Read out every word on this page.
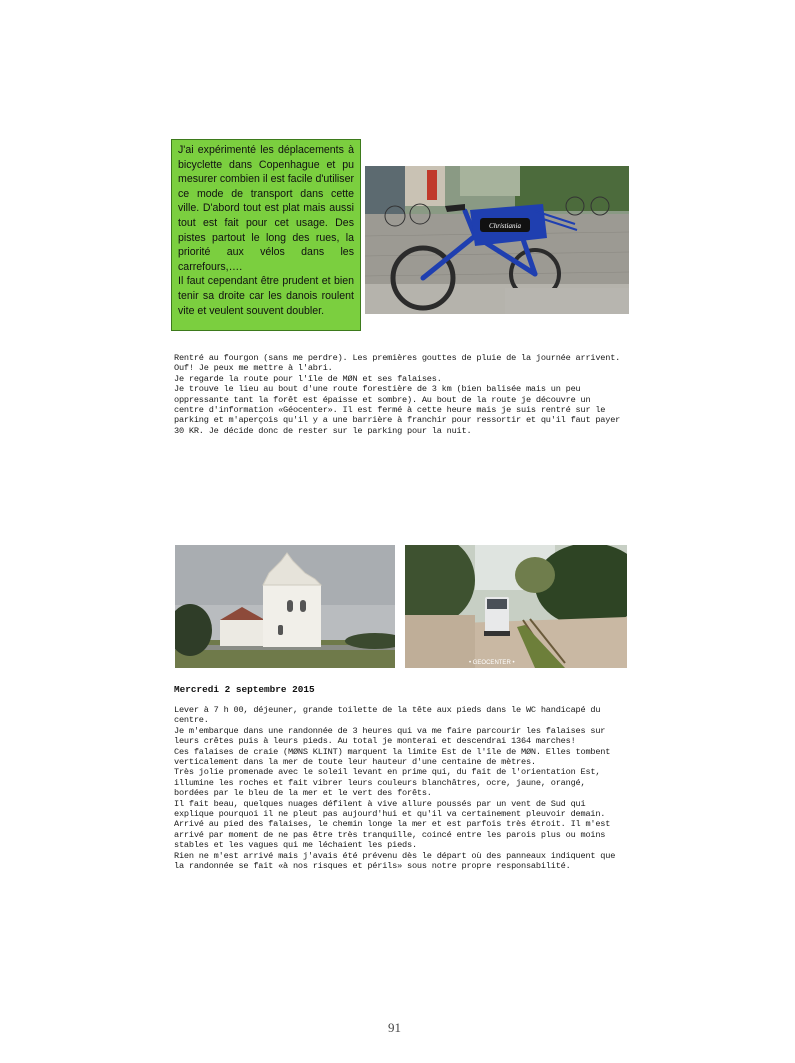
J'ai expérimenté les déplacements à bicyclette dans Copenhague et pu mesurer combien il est facile d'utiliser ce mode de transport dans cette ville. D'abord tout est plat mais aussi tout est fait pour cet usage. Des pistes partout le long des rues, la priorité aux vélos dans les carrefours,….

Il faut cependant être prudent et bien tenir sa droite car les danois roulent vite et veulent souvent doubler.

Christiania

Rentré au fourgon (sans me perdre). Les premières gouttes de pluie de la journée arrivent. Ouf! Je peux me mettre à l'abri.

Je regarde la route pour l'île de MØN et ses falaises.

Je trouve le lieu au bout d'une route forestière de 3 km (bien balisée mais un peu oppressante tant la forêt est épaisse et sombre). Au bout de la route je découvre un centre d'information «Géocenter». Il est fermé à cette heure mais je suis rentré sur le parking et m'aperçois qu'il y a une barrière à franchir pour ressortir et qu'il faut payer 30 KR. Je décide donc de rester sur le parking pour la nuit.

• GEOCENTER •
Mercredi 2 septembre 2015

Lever à 7 h 00, déjeuner, grande toilette de la tête aux pieds dans le WC handicapé du centre.

Je m'embarque dans une randonnée de 3 heures qui va me faire parcourir les falaises sur leurs crêtes puis à leurs pieds. Au total je monterai et descendrai 1364 marches!

Ces falaises de craie (MØNS KLINT) marquent la limite Est de l'île de MØN. Elles tombent verticalement dans la mer de toute leur hauteur d'une centaine de mètres.

Très jolie promenade avec le soleil levant en prime qui, du fait de l'orientation Est, illumine les roches et fait vibrer leurs couleurs blanchâtres, ocre, jaune, orangé,  bordées par le bleu de la mer et le vert des forêts.

Il fait beau, quelques nuages défilent à vive allure poussés par un vent de Sud qui explique pourquoi il ne pleut pas aujourd'hui et qu'il va certainement pleuvoir demain.

Arrivé au pied des falaises, le chemin longe la mer et est parfois très étroit. Il m'est arrivé par moment de ne pas être très tranquille, coincé entre les parois plus ou moins stables et les vagues qui me léchaient les pieds.

Rien ne m'est arrivé mais j'avais été prévenu dès le départ où des panneaux indiquent que la randonnée se fait «à nos risques et périls» sous notre propre responsabilité.

91
